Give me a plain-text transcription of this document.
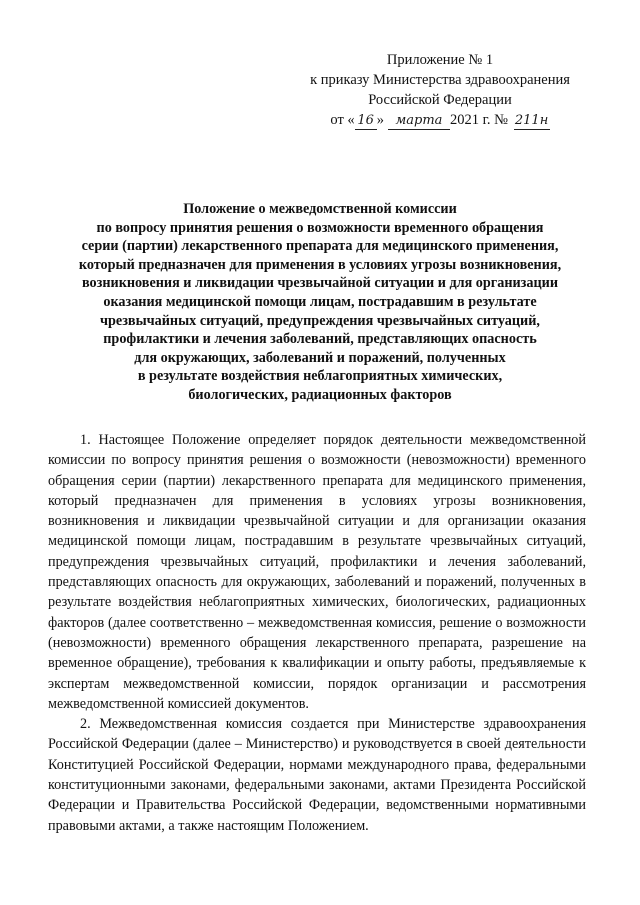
Приложение № 1
к приказу Министерства здравоохранения
Российской Федерации
от « 16 » марта 2021 г. № 211н
Положение о межведомственной комиссии
по вопросу принятия решения о возможности временного обращения
серии (партии) лекарственного препарата для медицинского применения,
который предназначен для применения в условиях угрозы возникновения,
возникновения и ликвидации чрезвычайной ситуации и для организации
оказания медицинской помощи лицам, пострадавшим в результате
чрезвычайных ситуаций, предупреждения чрезвычайных ситуаций,
профилактики и лечения заболеваний, представляющих опасность
для окружающих, заболеваний и поражений, полученных
в результате воздействия неблагоприятных химических,
биологических, радиационных факторов

1. Настоящее Положение определяет порядок деятельности межведомственной комиссии по вопросу принятия решения о возможности (невозможности) временного обращения серии (партии) лекарственного препарата для медицинского применения, который предназначен для применения в условиях угрозы возникновения, возникновения и ликвидации чрезвычайной ситуации и для организации оказания медицинской помощи лицам, пострадавшим в результате чрезвычайных ситуаций, предупреждения чрезвычайных ситуаций, профилактики и лечения заболеваний, представляющих опасность для окружающих, заболеваний и поражений, полученных в результате воздействия неблагоприятных химических, биологических, радиационных факторов (далее соответственно – межведомственная комиссия, решение о возможности (невозможности) временного обращения лекарственного препарата, разрешение на временное обращение), требования к квалификации и опыту работы, предъявляемые к экспертам межведомственной комиссии, порядок организации и рассмотрения межведомственной комиссией документов.

2. Межведомственная комиссия создается при Министерстве здравоохранения Российской Федерации (далее – Министерство) и руководствуется в своей деятельности Конституцией Российской Федерации, нормами международного права, федеральными конституционными законами, федеральными законами, актами Президента Российской Федерации и Правительства Российской Федерации, ведомственными нормативными правовыми актами, а также настоящим Положением.
